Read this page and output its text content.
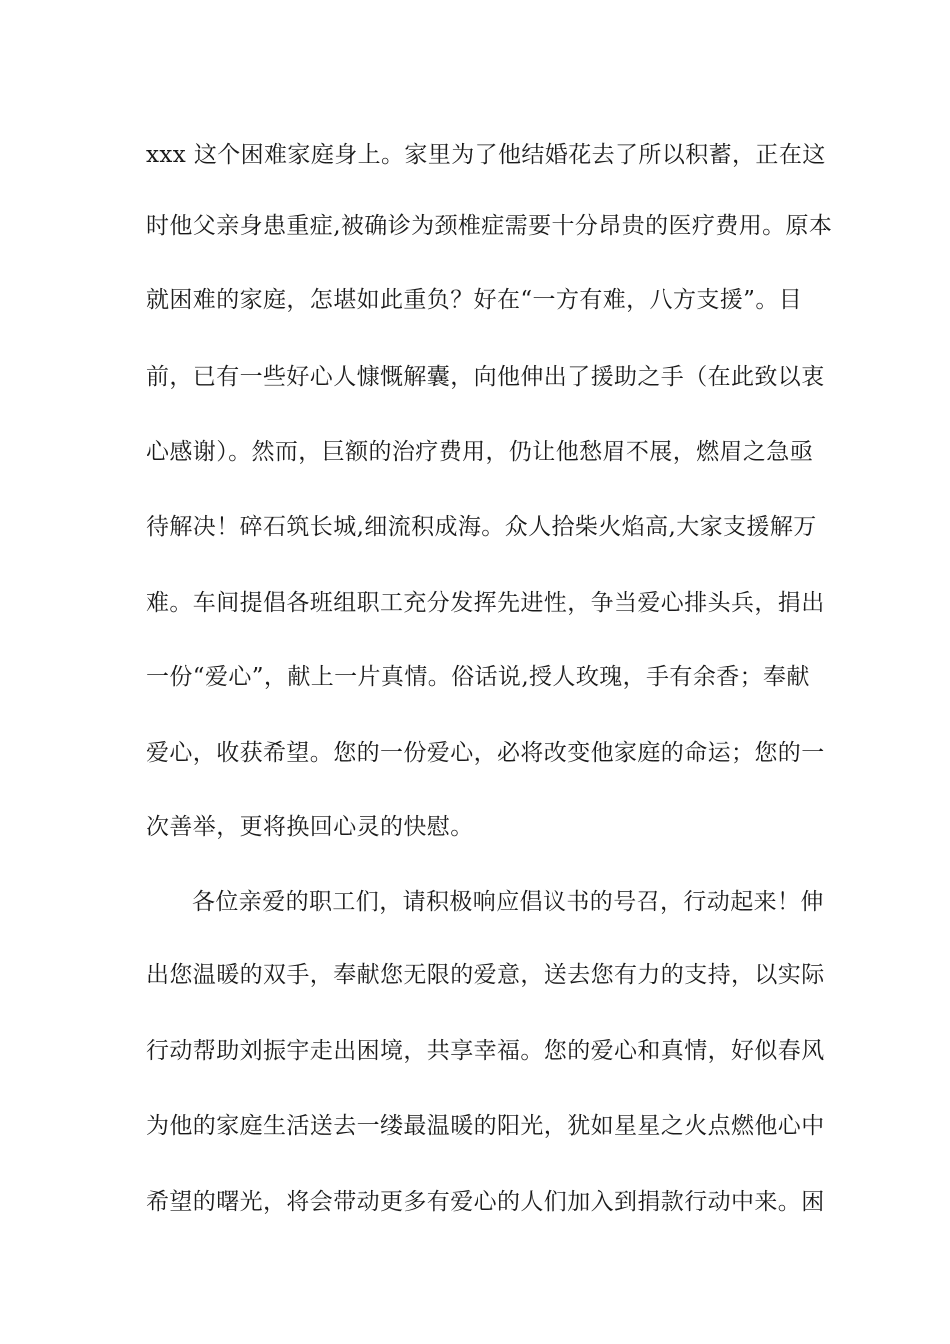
xxx 这个困难家庭身上。家里为了他结婚花去了所以积蓄，正在这
时他父亲身患重症,被确诊为颈椎症需要十分昂贵的医疗费用。原本
就困难的家庭，怎堪如此重负？好在“一方有难，八方支援”。目
前，已有一些好心人慷慨解囊，向他伸出了援助之手（在此致以衷
心感谢）。然而，巨额的治疗费用，仍让他愁眉不展，燃眉之急亟
待解决！碎石筑长城,细流积成海。众人拾柴火焰高,大家支援解万
难。车间提倡各班组职工充分发挥先进性，争当爱心排头兵，捐出
一份“爱心”，献上一片真情。俗话说,授人玫瑰，手有余香；奉献
爱心，收获希望。您的一份爱心，必将改变他家庭的命运；您的一
次善举，更将换回心灵的快慰。
各位亲爱的职工们，请积极响应倡议书的号召，行动起来！伸
出您温暖的双手，奉献您无限的爱意，送去您有力的支持，以实际
行动帮助刘振宇走出困境，共享幸福。您的爱心和真情，好似春风
为他的家庭生活送去一缕最温暖的阳光，犹如星星之火点燃他心中
希望的曙光，将会带动更多有爱心的人们加入到捐款行动中来。困
